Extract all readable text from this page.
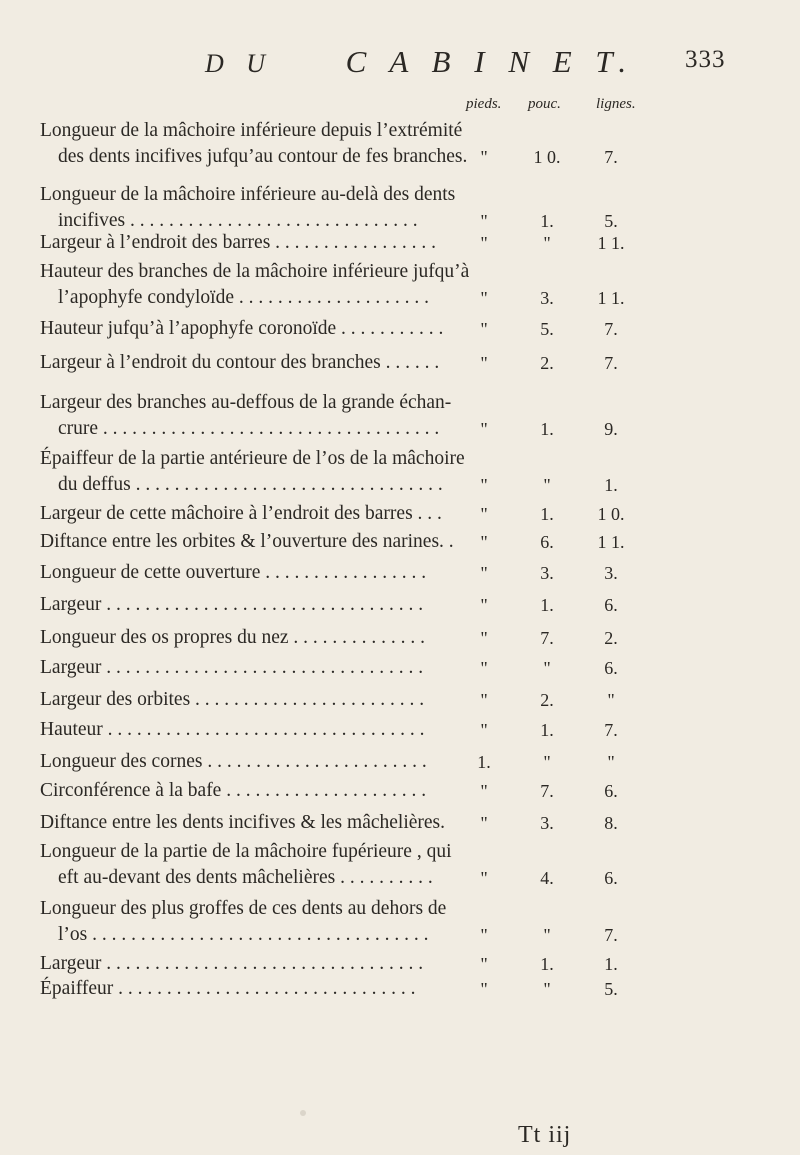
D U C A B I N E T. 333
pieds. pouc. lignes.
Longueur de la mâchoire inférieure depuis l’extrémité
des dents incifives jufqu’au contour de fes branches. "	1 0.	7.
Longueur de la mâchoire inférieure au-delà des dents
incifives . . . . . . . . . . . . . . . . . . . . . . . . . . . . . .	"	1.	5.
Largeur à l’endroit des barres . . . . . . . . . . . . . . . . .	"	"	1 1.
Hauteur des branches de la mâchoire inférieure jufqu’à
l’apophyfe condyloïde . . . . . . . . . . . . . . . . . . . .	"	3.	1 1.
Hauteur jufqu’à l’apophyfe coronoïde . . . . . . . . . . .	"	5.	7.
Largeur à l’endroit du contour des branches . . . . . .	"	2.	7.
Largeur des branches au-deffous de la grande échan-
crure . . . . . . . . . . . . . . . . . . . . . . . . . . . . . . . . . . .	"	1.	9.
Épaiffeur de la partie antérieure de l’os de la mâchoire
du deffus . . . . . . . . . . . . . . . . . . . . . . . . . . . . . . . .	"	"	1.
Largeur de cette mâchoire à l’endroit des barres . . .	"	1.	1 0.
Diftance entre les orbites & l’ouverture des narines. .	"	6.	1 1.
Longueur de cette ouverture . . . . . . . . . . . . . . . . .	"	3.	3.
Largeur . . . . . . . . . . . . . . . . . . . . . . . . . . . . . . . . .	"	1.	6.
Longueur des os propres du nez . . . . . . . . . . . . . .	"	7.	2.
Largeur . . . . . . . . . . . . . . . . . . . . . . . . . . . . . . . . .	"	"	6.
Largeur des orbites . . . . . . . . . . . . . . . . . . . . . . . .	"	2.	"
Hauteur . . . . . . . . . . . . . . . . . . . . . . . . . . . . . . . . .	"	1.	7.
Longueur des cornes . . . . . . . . . . . . . . . . . . . . . . .	1.	"	"
Circonférence à la bafe . . . . . . . . . . . . . . . . . . . . .	"	7.	6.
Diftance entre les dents incifives & les mâchelières.	"	3.	8.
Longueur de la partie de la mâchoire fupérieure , qui
eft au-devant des dents mâchelières . . . . . . . . . .	"	4.	6.
Longueur des plus groffes de ces dents au dehors de
l’os . . . . . . . . . . . . . . . . . . . . . . . . . . . . . . . . . . .	"	"	7.
Largeur . . . . . . . . . . . . . . . . . . . . . . . . . . . . . . . . .	"	1.	1.
Épaiffeur . . . . . . . . . . . . . . . . . . . . . . . . . . . . . . .	"	"	5.
Tt iij
